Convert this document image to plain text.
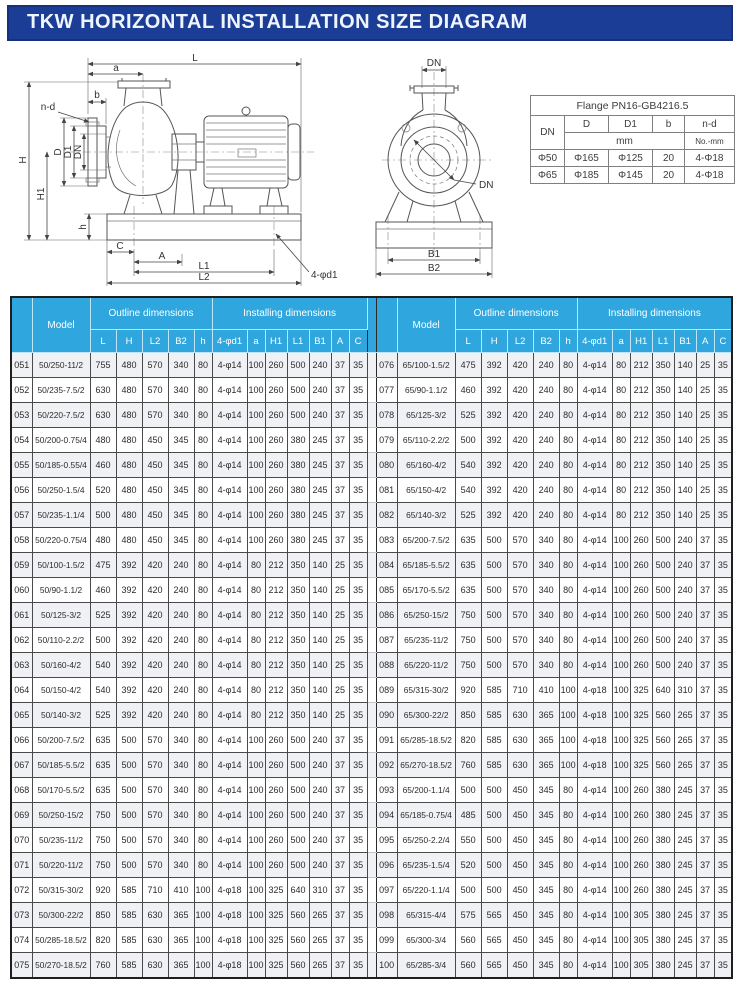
TKW HORIZONTAL INSTALLATION SIZE DIAGRAM
L
a
b
n-d
D D1 DN
H
H1
h
C
A
L1
L2	4-φd1
DN
DN
B1
B2
Flange PN16-GB4216.5				
DN	D	D1	b	n-d
	mm			No.-mm
Φ50	Φ165	Φ125	20	4-Φ18
Φ65	Φ185	Φ145	20	4-Φ18
	Model	Outline dimensions					Installing dimensions									Model	Outline dimensions					Installing dimensions						
		L	H	L2	B2	h	4-φd1	a	H1	L1	B1	A	C				L	H	L2	B2	h	4-φd1	a	H1	L1	B1	A	C
051	50/250-11/2	755	480	570	340	80	4-φ14	100	260	500	240	37	35		076	65/100-1.5/2	475	392	420	240	80	4-φ14	80	212	350	140	25	35
052	50/235-7.5/2	630	480	570	340	80	4-φ14	100	260	500	240	37	35		077	65/90-1.1/2	460	392	420	240	80	4-φ14	80	212	350	140	25	35
053	50/220-7.5/2	630	480	570	340	80	4-φ14	100	260	500	240	37	35		078	65/125-3/2	525	392	420	240	80	4-φ14	80	212	350	140	25	35
054	50/200-0.75/4	480	480	450	345	80	4-φ14	100	260	380	245	37	35		079	65/110-2.2/2	500	392	420	240	80	4-φ14	80	212	350	140	25	35
055	50/185-0.55/4	460	480	450	345	80	4-φ14	100	260	380	245	37	35		080	65/160-4/2	540	392	420	240	80	4-φ14	80	212	350	140	25	35
056	50/250-1.5/4	520	480	450	345	80	4-φ14	100	260	380	245	37	35		081	65/150-4/2	540	392	420	240	80	4-φ14	80	212	350	140	25	35
057	50/235-1.1/4	500	480	450	345	80	4-φ14	100	260	380	245	37	35		082	65/140-3/2	525	392	420	240	80	4-φ14	80	212	350	140	25	35
058	50/220-0.75/4	480	480	450	345	80	4-φ14	100	260	380	245	37	35		083	65/200-7.5/2	635	500	570	340	80	4-φ14	100	260	500	240	37	35
059	50/100-1.5/2	475	392	420	240	80	4-φ14	80	212	350	140	25	35		084	65/185-5.5/2	635	500	570	340	80	4-φ14	100	260	500	240	37	35
060	50/90-1.1/2	460	392	420	240	80	4-φ14	80	212	350	140	25	35		085	65/170-5.5/2	635	500	570	340	80	4-φ14	100	260	500	240	37	35
061	50/125-3/2	525	392	420	240	80	4-φ14	80	212	350	140	25	35		086	65/250-15/2	750	500	570	340	80	4-φ14	100	260	500	240	37	35
062	50/110-2.2/2	500	392	420	240	80	4-φ14	80	212	350	140	25	35		087	65/235-11/2	750	500	570	340	80	4-φ14	100	260	500	240	37	35
063	50/160-4/2	540	392	420	240	80	4-φ14	80	212	350	140	25	35		088	65/220-11/2	750	500	570	340	80	4-φ14	100	260	500	240	37	35
064	50/150-4/2	540	392	420	240	80	4-φ14	80	212	350	140	25	35		089	65/315-30/2	920	585	710	410	100	4-φ18	100	325	640	310	37	35
065	50/140-3/2	525	392	420	240	80	4-φ14	80	212	350	140	25	35		090	65/300-22/2	850	585	630	365	100	4-φ18	100	325	560	265	37	35
066	50/200-7.5/2	635	500	570	340	80	4-φ14	100	260	500	240	37	35		091	65/285-18.5/2	820	585	630	365	100	4-φ18	100	325	560	265	37	35
067	50/185-5.5/2	635	500	570	340	80	4-φ14	100	260	500	240	37	35		092	65/270-18.5/2	760	585	630	365	100	4-φ18	100	325	560	265	37	35
068	50/170-5.5/2	635	500	570	340	80	4-φ14	100	260	500	240	37	35		093	65/200-1.1/4	500	500	450	345	80	4-φ14	100	260	380	245	37	35
069	50/250-15/2	750	500	570	340	80	4-φ14	100	260	500	240	37	35		094	65/185-0.75/4	485	500	450	345	80	4-φ14	100	260	380	245	37	35
070	50/235-11/2	750	500	570	340	80	4-φ14	100	260	500	240	37	35		095	65/250-2.2/4	550	500	450	345	80	4-φ14	100	260	380	245	37	35
071	50/220-11/2	750	500	570	340	80	4-φ14	100	260	500	240	37	35		096	65/235-1.5/4	520	500	450	345	80	4-φ14	100	260	380	245	37	35
072	50/315-30/2	920	585	710	410	100	4-φ18	100	325	640	310	37	35		097	65/220-1.1/4	500	500	450	345	80	4-φ14	100	260	380	245	37	35
073	50/300-22/2	850	585	630	365	100	4-φ18	100	325	560	265	37	35		098	65/315-4/4	575	565	450	345	80	4-φ14	100	305	380	245	37	35
074	50/285-18.5/2	820	585	630	365	100	4-φ18	100	325	560	265	37	35		099	65/300-3/4	560	565	450	345	80	4-φ14	100	305	380	245	37	35
075	50/270-18.5/2	760	585	630	365	100	4-φ18	100	325	560	265	37	35		100	65/285-3/4	560	565	450	345	80	4-φ14	100	305	380	245	37	35
